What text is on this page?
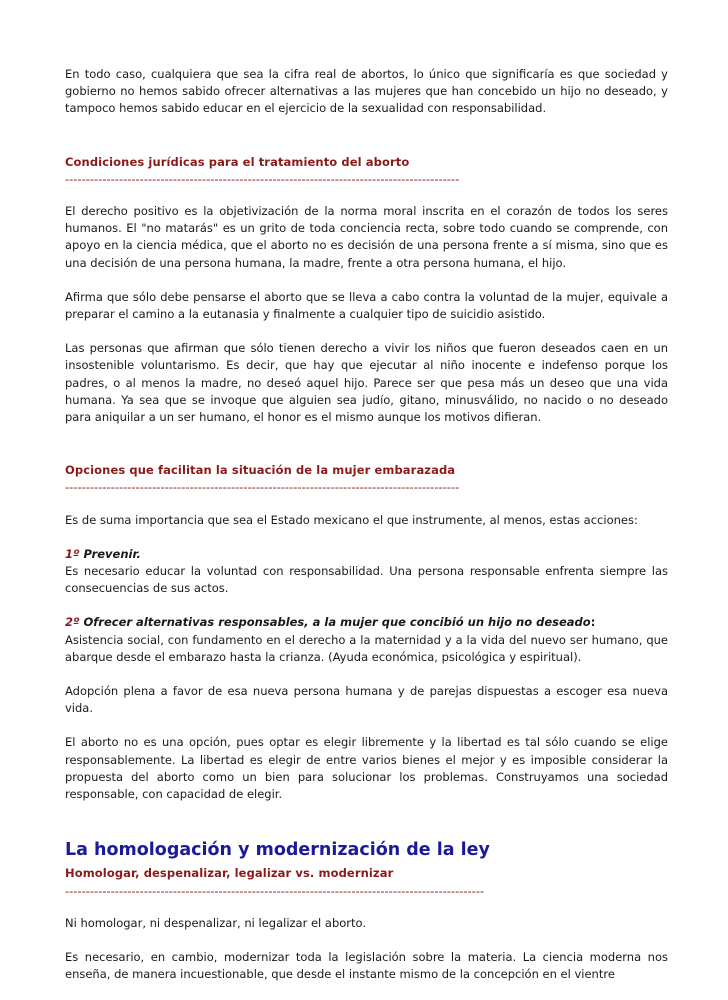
En todo caso, cualquiera que sea la cifra real de abortos, lo único que significaría es que sociedad y gobierno no hemos sabido ofrecer alternativas a las mujeres que han concebido un hijo no deseado, y tampoco hemos sabido educar en el ejercicio de la sexualidad con responsabilidad.

Condiciones jurídicas para el tratamiento del aborto
-----------------------------------------------------------------------------------------------

El derecho positivo es la objetivización de la norma moral inscrita en el corazón de todos los seres humanos. El "no matarás" es un grito de toda conciencia recta, sobre todo cuando se comprende, con apoyo en la ciencia médica, que el aborto no es decisión de una persona frente a sí misma, sino que es una decisión de una persona humana, la madre, frente a otra persona humana, el hijo.

Afirma que sólo debe pensarse el aborto que se lleva a cabo contra la voluntad de la mujer, equivale a preparar el camino a la eutanasia y finalmente a cualquier tipo de suicidio asistido.

Las personas que afirman que sólo tienen derecho a vivir los niños que fueron deseados caen en un insostenible voluntarismo. Es decir, que hay que ejecutar al niño inocente e indefenso porque los padres, o al menos la madre, no deseó aquel hijo. Parece ser que pesa más un deseo que una vida humana. Ya sea que se invoque que alguien sea judío, gitano, minusválido, no nacido o no deseado para aniquilar a un ser humano, el honor es el mismo aunque los motivos difieran.

Opciones que facilitan la situación de la mujer embarazada
-----------------------------------------------------------------------------------------------

Es de suma importancia que sea el Estado mexicano el que instrumente, al menos, estas acciones:

1º Prevenir.
Es necesario educar la voluntad con responsabilidad. Una persona responsable enfrenta siempre las consecuencias de sus actos.
2º Ofrecer alternativas responsables, a la mujer que concibió un hijo no deseado:
Asistencia social, con fundamento en el derecho a la maternidad y a la vida del nuevo ser humano, que abarque desde el embarazo hasta la crianza. (Ayuda económica, psicológica y espiritual).

Adopción plena a favor de esa nueva persona humana y de parejas dispuestas a escoger esa nueva vida.

El aborto no es una opción, pues optar es elegir libremente y la libertad es tal sólo cuando se elige responsablemente. La libertad es elegir de entre varios bienes el mejor y es imposible considerar la propuesta del aborto como un bien para solucionar los problemas. Construyamos una sociedad responsable, con capacidad de elegir.

La homologación y modernización de la ley
Homologar, despenalizar, legalizar vs. modernizar
-----------------------------------------------------------------------------------------------------

Ni homologar, ni despenalizar, ni legalizar el aborto.

Es necesario, en cambio, modernizar toda la legislación sobre la materia. La ciencia moderna nos enseña, de manera incuestionable, que desde el instante mismo de la concepción en el vientre
